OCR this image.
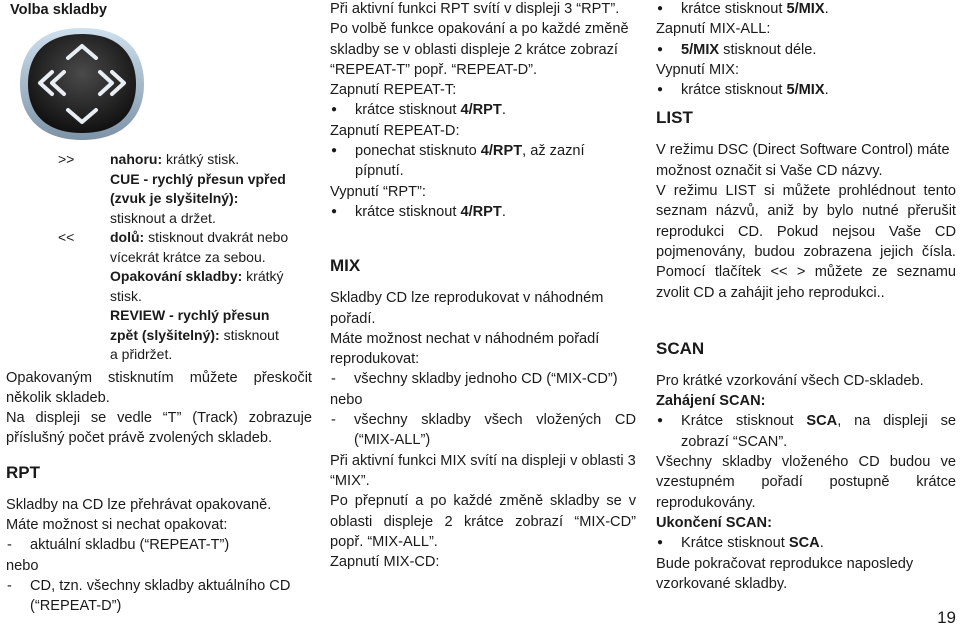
Volba skladby

>>	nahoru: krátký stisk.
CUE - rychlý přesun vpřed
(zvuk je slyšitelný):
stisknout a držet.
<<	dolů: stisknout dvakrát nebo
vícekrát krátce za sebou.
Opakování skladby: krátký
stisk.
REVIEW - rychlý přesun
zpět (slyšitelný): stisknout
a přidržet.

Opakovaným stisknutím můžete přeskočit několik skladeb.

Na displeji se vedle “T” (Track) zobrazuje příslušný počet právě zvolených skladeb.

RPT

Skladby na CD lze přehrávat opakovaně.

Máte možnost si nechat opakovat:

- aktuální skladbu (“REPEAT-T”)

nebo

- CD, tzn. všechny skladby aktuálního CD (“REPEAT-D”)

Při aktivní funkci RPT svítí v displeji 3 “RPT”. Po volbě funkce opakování a po každé změně skladby se v oblasti displeje 2 krátce zobrazí “REPEAT-T” popř. “REPEAT-D”.

Zapnutí REPEAT-T:

● krátce stisknout 4/RPT.

Zapnutí REPEAT-D:

● ponechat stisknuto 4/RPT, až zazní pípnutí.

Vypnutí “RPT”:

● krátce stisknout 4/RPT.

MIX

Skladby CD lze reprodukovat v náhodném pořadí.

Máte možnost nechat v náhodném pořadí reprodukovat:

- všechny skladby jednoho CD (“MIX-CD”)

nebo

- všechny skladby všech vložených CD (“MIX-ALL”)

Při aktivní funkci MIX svítí na displeji v oblasti 3 “MIX”.

Po přepnutí a po každé změně skladby se v oblasti displeje 2 krátce zobrazí “MIX-CD” popř. “MIX-ALL”.

Zapnutí MIX-CD:

● krátce stisknout 5/MIX.

Zapnutí MIX-ALL:

● 5/MIX stisknout déle.

Vypnutí MIX:

● krátce stisknout 5/MIX.

LIST

V režimu DSC (Direct Software Control) máte možnost označit si Vaše CD názvy.

V režimu LIST si můžete prohlédnout tento seznam názvů, aniž by bylo nutné přerušit reprodukci CD. Pokud nejsou Vaše CD pojmenovány, budou zobrazena jejich čísla. Pomocí tlačítek << > můžete ze seznamu zvolit CD a zahájit jeho reprodukci..

SCAN

Pro krátké vzorkování všech CD-skladeb.

Zahájení SCAN:

● Krátce stisknout SCA, na displeji se zobrazí “SCAN”.

Všechny skladby vloženého CD budou ve vzestupném pořadí postupně krátce reprodukovány.

Ukončení SCAN:

● Krátce stisknout SCA.

Bude pokračovat reprodukce naposledy vzorkované skladby.

19
